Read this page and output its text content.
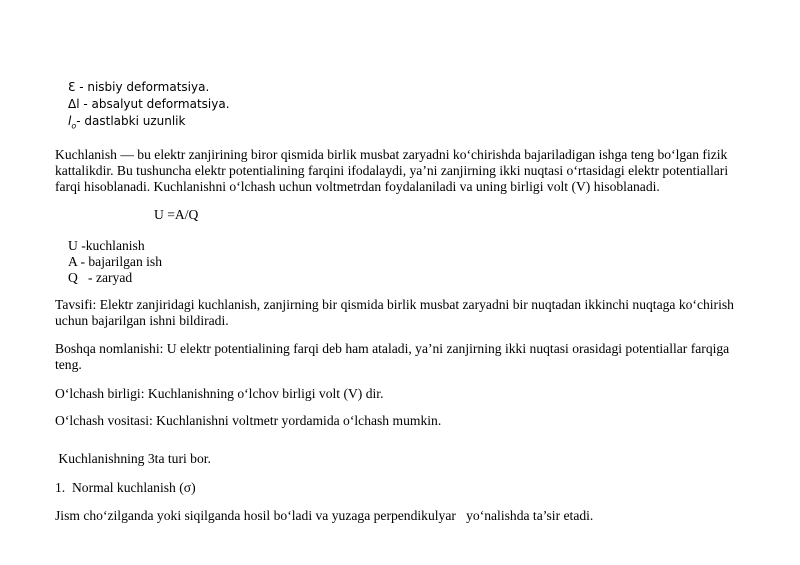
Ɛ - nisbiy deformatsiya.
Δl - absalyut deformatsiya.
$l_o-$ dastlabki uzunlik

Kuchlanish — bu elektr zanjirining biror qismida birlik musbat zaryadni ko‘chirishda bajariladigan ishga teng bo‘lgan fizik kattalikdir. Bu tushuncha elektr potentialining farqini ifodalaydi, ya’ni zanjirning ikki nuqtasi o‘rtasidagi elektr potentiallari farqi hisoblanadi. Kuchlanishni o‘lchash uchun voltmetrdan foydalaniladi va uning birligi volt (V) hisoblanadi.

U =A/Q
U -kuchlanish
A - bajarilgan ish
Q   - zaryad

Tavsifi: Elektr zanjiridagi kuchlanish, zanjirning bir qismida birlik musbat zaryadni bir nuqtadan ikkinchi nuqtaga ko‘chirish uchun bajarilgan ishni bildiradi.

Boshqa nomlanishi: U elektr potentialining farqi deb ham ataladi, ya’ni zanjirning ikki nuqtasi orasidagi potentiallar farqiga teng.

O‘lchash birligi: Kuchlanishning o‘lchov birligi volt (V) dir.
O‘lchash vositasi: Kuchlanishni voltmetr yordamida o‘lchash mumkin.
Kuchlanishning 3ta turi bor.
1.  Normal kuchlanish (σ)
Jism cho‘zilganda yoki siqilganda hosil bo‘ladi va yuzaga perpendikulyar   yo‘nalishda ta’sir etadi.
